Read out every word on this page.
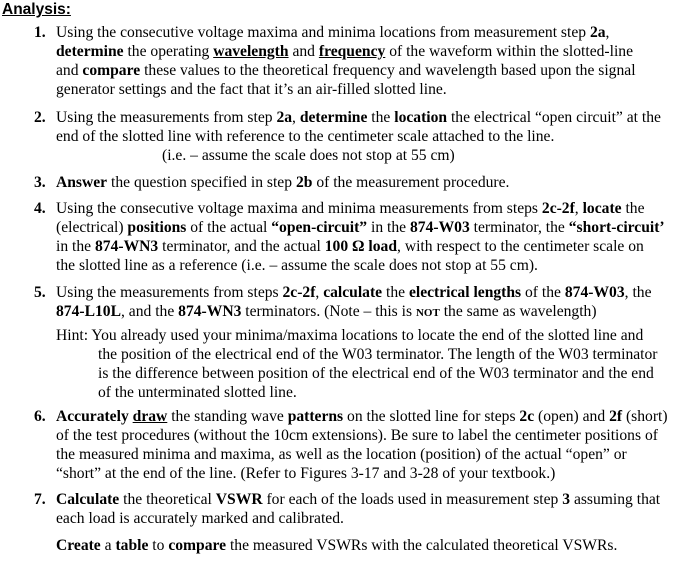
Analysis:
1. Using the consecutive voltage maxima and minima locations from measurement step 2a,
determine the operating wavelength and frequency of the waveform within the slotted-line
and compare these values to the theoretical frequency and wavelength based upon the signal
generator settings and the fact that it’s an air-filled slotted line.
2. Using the measurements from step 2a, determine the location the electrical “open circuit” at the
end of the slotted line with reference to the centimeter scale attached to the line.
(i.e. – assume the scale does not stop at 55 cm)
3. Answer the question specified in step 2b of the measurement procedure.
4. Using the consecutive voltage maxima and minima measurements from steps 2c-2f, locate the
(electrical) positions of the actual “open-circuit” in the 874-W03 terminator, the “short-circuit’
in the 874-WN3 terminator, and the actual 100 Ω load, with respect to the centimeter scale on
the slotted line as a reference (i.e. – assume the scale does not stop at 55 cm).
5. Using the measurements from steps 2c-2f, calculate the electrical lengths of the 874-W03, the
874-L10L, and the 874-WN3 terminators. (Note – this is not the same as wavelength)
Hint: You already used your minima/maxima locations to locate the end of the slotted line and
the position of the electrical end of the W03 terminator. The length of the W03 terminator
is the difference between position of the electrical end of the W03 terminator and the end
of the unterminated slotted line.
6. Accurately draw the standing wave patterns on the slotted line for steps 2c (open) and 2f (short)
of the test procedures (without the 10cm extensions). Be sure to label the centimeter positions of
the measured minima and maxima, as well as the location (position) of the actual “open” or
“short” at the end of the line. (Refer to Figures 3-17 and 3-28 of your textbook.)
7. Calculate the theoretical VSWR for each of the loads used in measurement step 3 assuming that
each load is accurately marked and calibrated.
Create a table to compare the measured VSWRs with the calculated theoretical VSWRs.
